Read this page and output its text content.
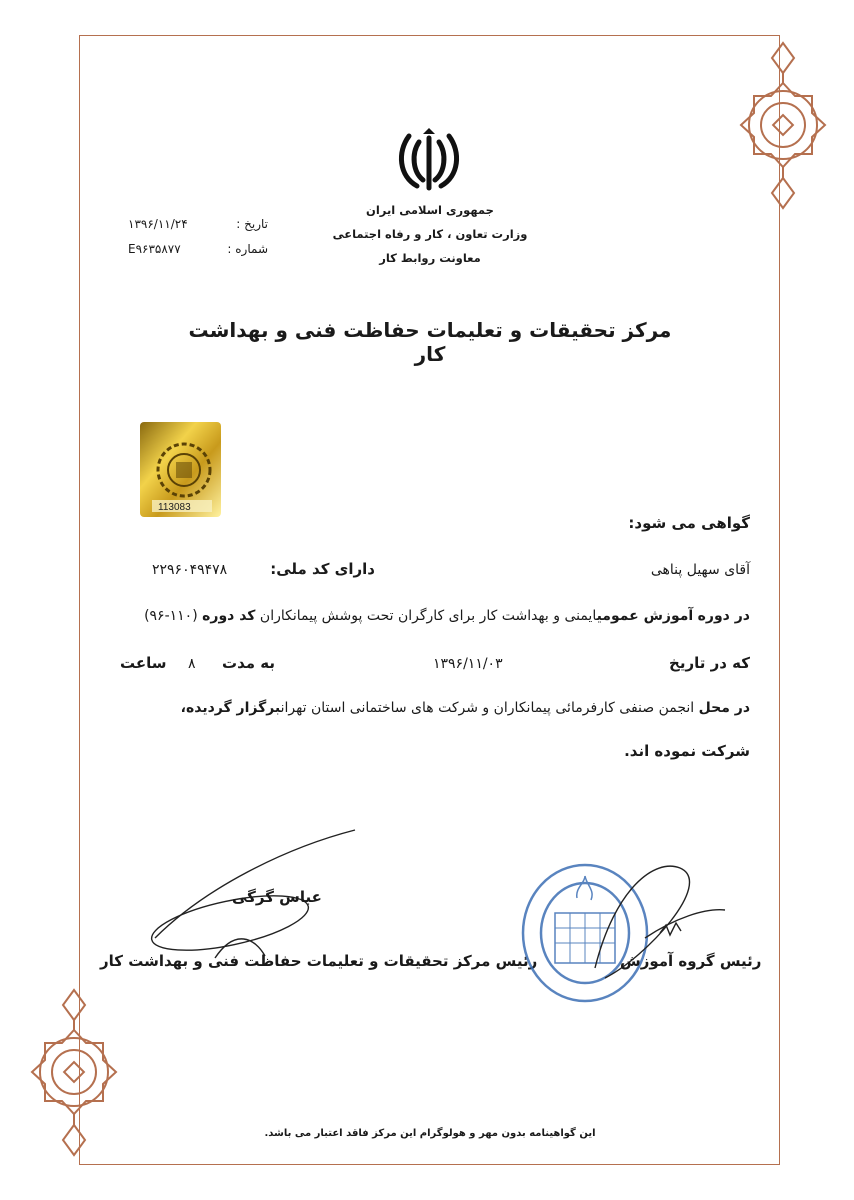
جمهوری اسلامی ایران
وزارت تعاون ، کار و رفاه اجتماعی
معاونت روابط کار
تاریخ :
۱۳۹۶/۱۱/۲۴
شماره :
E۹۶۳۵۸۷۷
مرکز تحقیقات و تعلیمات حفاظت فنی و بهداشت کار
113083
گواهی می شود:
آقای سهیل پناهی
دارای کد ملی:
۲۲۹۶۰۴۹۴۷۸
در دوره آموزش عمومیایمنی و بهداشت کار برای کارگران تحت پوشش پیمانکاران کد دوره (۱۱۰-۹۶)
که در تاریخ
۱۳۹۶/۱۱/۰۳
به مدت
۸
ساعت
در محل انجمن صنفی کارفرمائی پیمانکاران و شرکت های ساختمانی استان تهرانبرگزار گردیده،
شرکت نموده اند.
عباس گرگی
رئیس مرکز تحقیقات و تعلیمات حفاظت فنی و بهداشت کار	رئیس گروه آموزش
این گواهینامه بدون مهر و هولوگرام این مرکز فاقد اعتبار می باشد.
